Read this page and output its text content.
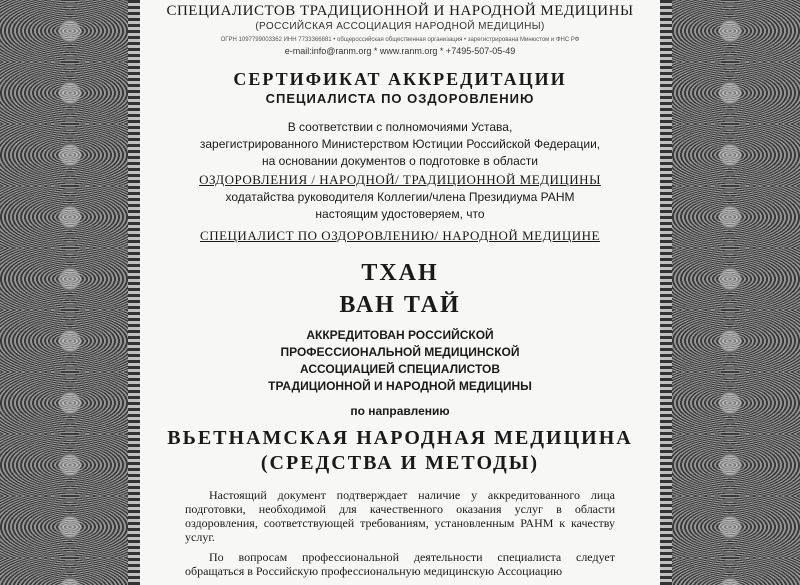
СПЕЦИАЛИСТОВ ТРАДИЦИОННОЙ И НАРОДНОЙ МЕДИЦИНЫ
(РОССИЙСКАЯ АССОЦИАЦИЯ НАРОДНОЙ МЕДИЦИНЫ)
ОГРН 1097799003362 ИНН 7733366881 • общероссийская общественная организация • зарегистрирована Минюстом и ФНС РФ
e-mail:info@ranm.org * www.ranm.org * +7495-507-05-49
СЕРТИФИКАТ АККРЕДИТАЦИИ
СПЕЦИАЛИСТА ПО ОЗДОРОВЛЕНИЮ
В соответствии с полномочиями Устава,
зарегистрированного Министерством Юстиции Российской Федерации,
на основании документов о подготовке в области
ОЗДОРОВЛЕНИЯ / НАРОДНОЙ/ ТРАДИЦИОННОЙ МЕДИЦИНЫ
ходатайства руководителя Коллегии/члена Президиума РАНМ
настоящим удостоверяем, что
СПЕЦИАЛИСТ ПО ОЗДОРОВЛЕНИЮ/ НАРОДНОЙ МЕДИЦИНЕ
ТХАН
ВАН ТАЙ
АККРЕДИТОВАН РОССИЙСКОЙ
ПРОФЕССИОНАЛЬНОЙ МЕДИЦИНСКОЙ
АССОЦИАЦИЕЙ СПЕЦИАЛИСТОВ
ТРАДИЦИОННОЙ И НАРОДНОЙ МЕДИЦИНЫ
по направлению
ВЬЕТНАМСКАЯ НАРОДНАЯ МЕДИЦИНА
(СРЕДСТВА И МЕТОДЫ)
Настоящий документ подтверждает наличие у аккредитованного лица подготовки, необходимой для качественного оказания услуг в области оздоровления, соответствующей требованиям, установленным РАНМ к качеству услуг.
По вопросам профессиональной деятельности специалиста следует обращаться в Российскую профессиональную медицинскую Ассоциацию
